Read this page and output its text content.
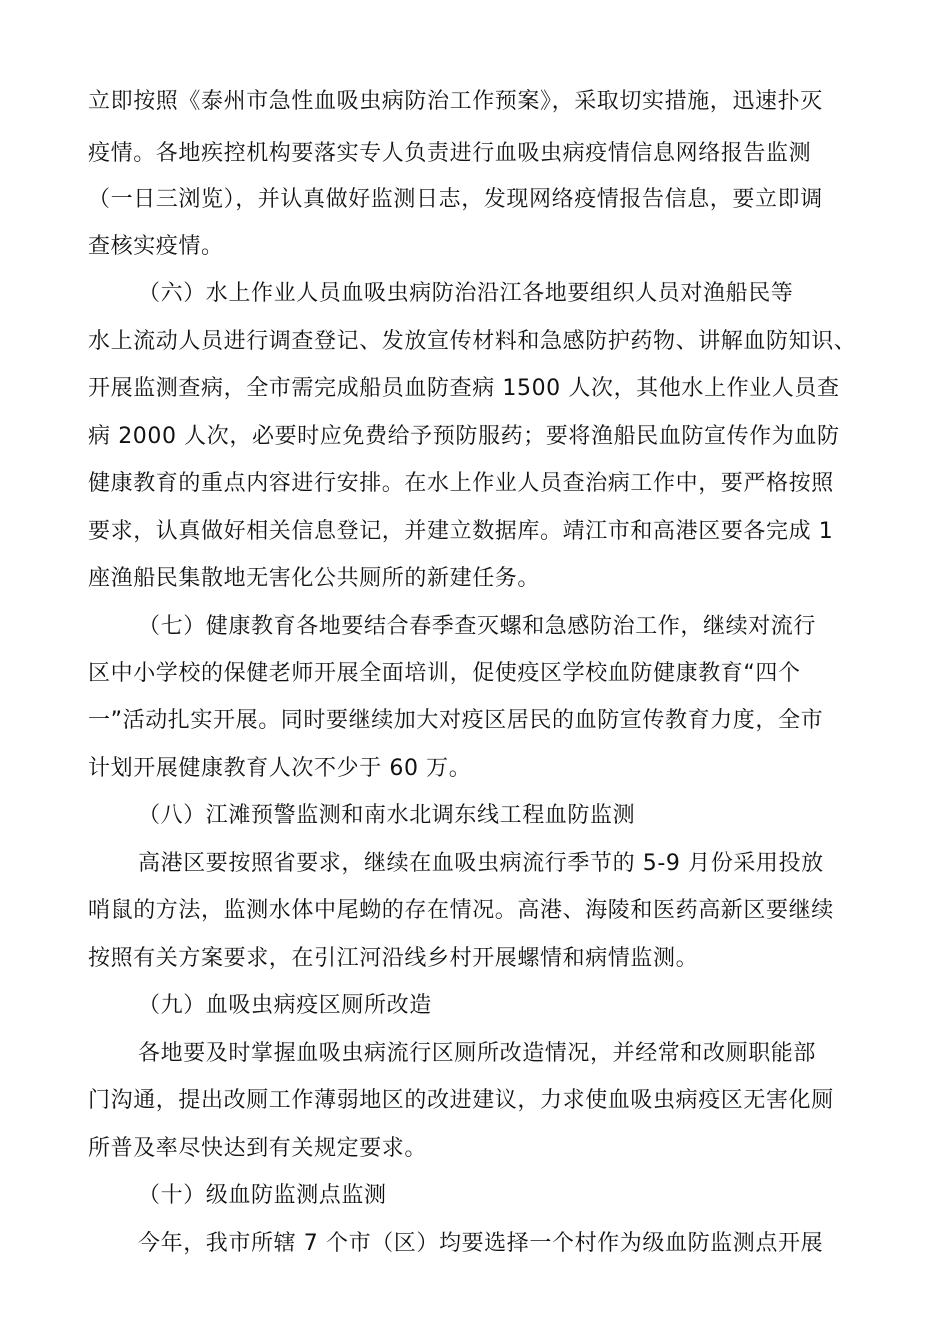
立即按照《泰州市急性血吸虫病防治工作预案》，采取切实措施，迅速扑灭
疫情。各地疾控机构要落实专人负责进行血吸虫病疫情信息网络报告监测
（一日三浏览），并认真做好监测日志，发现网络疫情报告信息，要立即调
查核实疫情。
（六）水上作业人员血吸虫病防治沿江各地要组织人员对渔船民等
水上流动人员进行调查登记、发放宣传材料和急感防护药物、讲解血防知识、
开展监测查病，全市需完成船员血防查病 1500 人次，其他水上作业人员查
病 2000 人次，必要时应免费给予预防服药；要将渔船民血防宣传作为血防
健康教育的重点内容进行安排。在水上作业人员查治病工作中，要严格按照
要求，认真做好相关信息登记，并建立数据库。靖江市和高港区要各完成 1
座渔船民集散地无害化公共厕所的新建任务。
（七）健康教育各地要结合春季查灭螺和急感防治工作，继续对流行
区中小学校的保健老师开展全面培训，促使疫区学校血防健康教育“四个
一”活动扎实开展。同时要继续加大对疫区居民的血防宣传教育力度，全市
计划开展健康教育人次不少于 60 万。
（八）江滩预警监测和南水北调东线工程血防监测
高港区要按照省要求，继续在血吸虫病流行季节的 5-9 月份采用投放
哨鼠的方法，监测水体中尾蚴的存在情况。高港、海陵和医药高新区要继续
按照有关方案要求，在引江河沿线乡村开展螺情和病情监测。
（九）血吸虫病疫区厕所改造
各地要及时掌握血吸虫病流行区厕所改造情况，并经常和改厕职能部
门沟通，提出改厕工作薄弱地区的改进建议，力求使血吸虫病疫区无害化厕
所普及率尽快达到有关规定要求。
（十）级血防监测点监测
今年，我市所辖 7 个市（区）均要选择一个村作为级血防监测点开展
